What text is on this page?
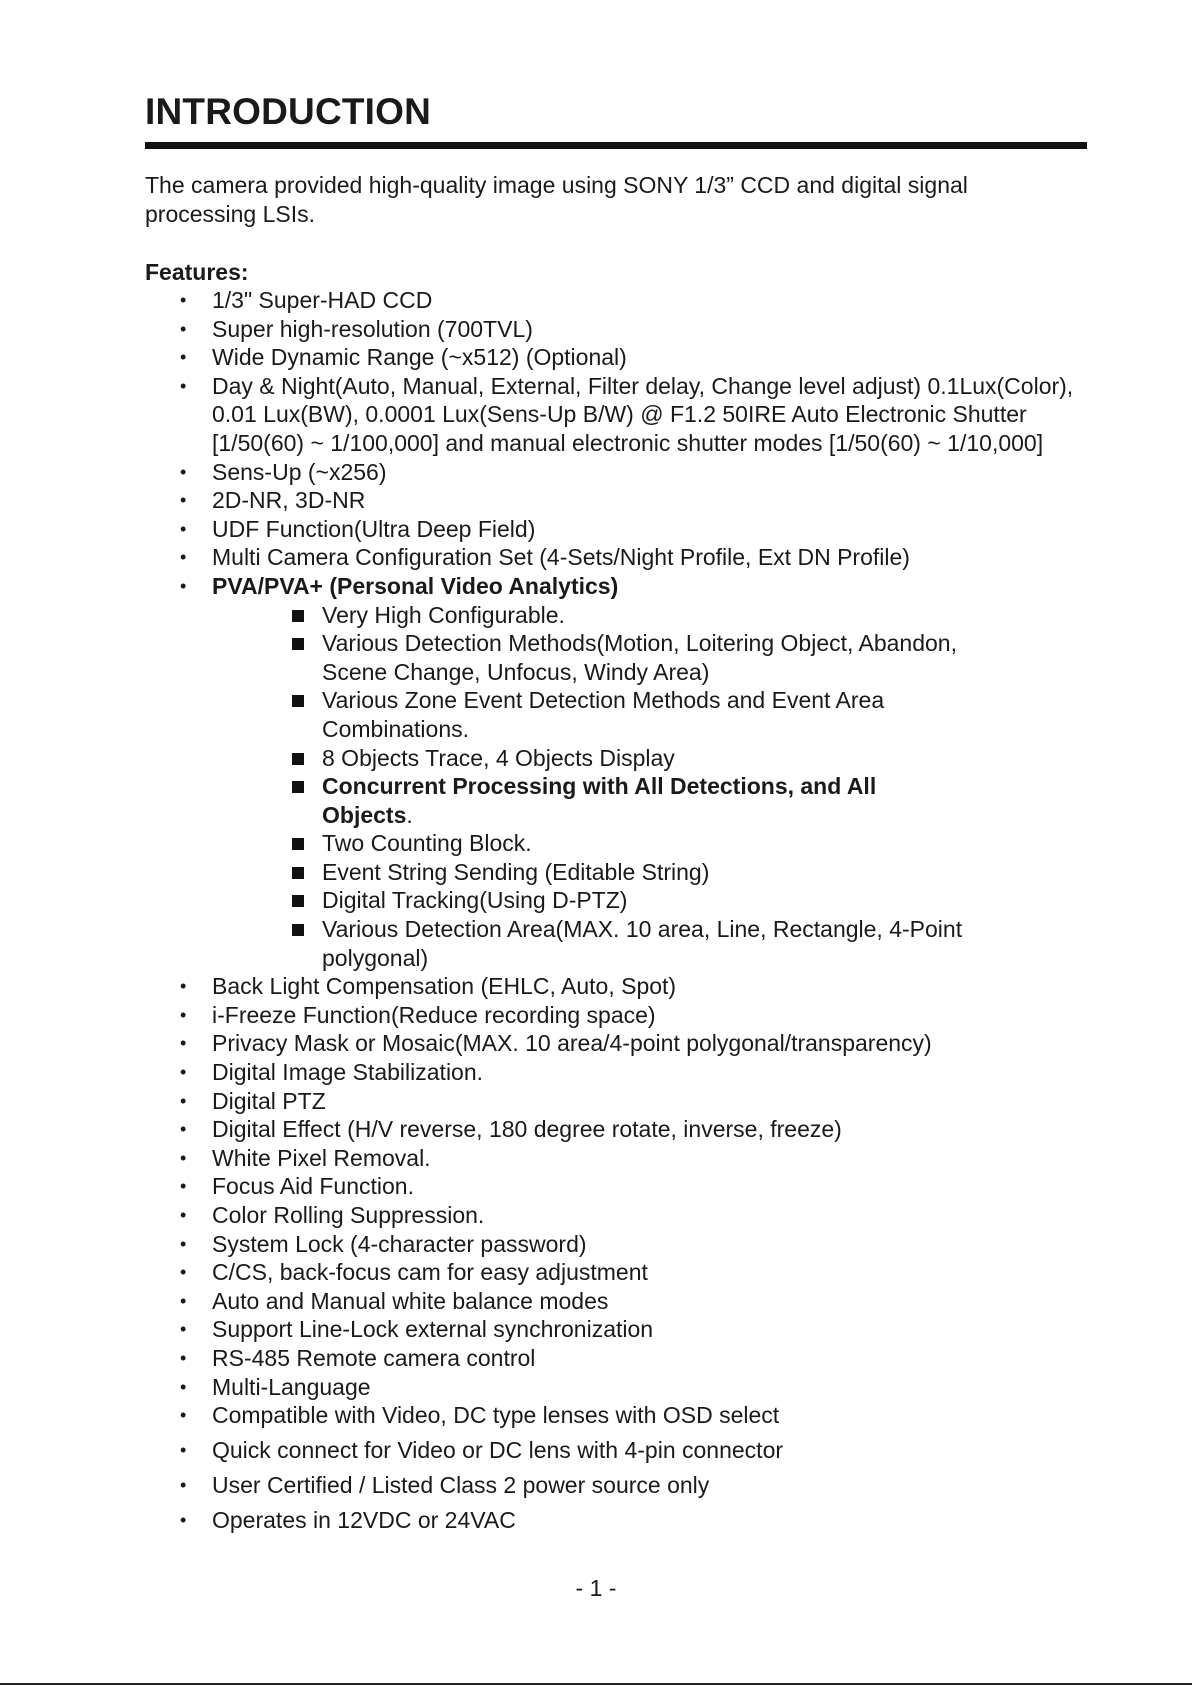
INTRODUCTION

The camera provided high-quality image using SONY 1/3” CCD and digital signal processing LSIs.

Features:

• 1/3" Super-HAD CCD
• Super high-resolution (700TVL)
• Wide Dynamic Range (~x512) (Optional)
• Day & Night(Auto, Manual, External, Filter delay, Change level adjust) 0.1Lux(Color), 0.01 Lux(BW), 0.0001 Lux(Sens-Up B/W) @ F1.2 50IRE Auto Electronic Shutter [1/50(60) ~ 1/100,000] and manual electronic shutter modes [1/50(60) ~ 1/10,000]
• Sens-Up (~x256)
• 2D-NR, 3D-NR
• UDF Function(Ultra Deep Field)
• Multi Camera Configuration Set (4-Sets/Night Profile, Ext DN Profile)
• PVA/PVA+ (Personal Video Analytics)
Very High Configurable.
Various Detection Methods(Motion, Loitering Object, Abandon, Scene Change, Unfocus, Windy Area)
Various Zone Event Detection Methods and Event Area Combinations.
8 Objects Trace, 4 Objects Display
Concurrent Processing with All Detections, and All Objects.
Two Counting Block.
Event String Sending (Editable String)
Digital Tracking(Using D-PTZ)
Various Detection Area(MAX. 10 area, Line, Rectangle, 4-Point polygonal)
• Back Light Compensation (EHLC, Auto, Spot)
• i-Freeze Function(Reduce recording space)
• Privacy Mask or Mosaic(MAX. 10 area/4-point polygonal/transparency)
• Digital Image Stabilization.
• Digital PTZ
• Digital Effect (H/V reverse, 180 degree rotate, inverse, freeze)
• White Pixel Removal.
• Focus Aid Function.
• Color Rolling Suppression.
• System Lock (4-character password)
• C/CS, back-focus cam for easy adjustment
• Auto and Manual white balance modes
• Support Line-Lock external synchronization
• RS-485 Remote camera control
• Multi-Language
• Compatible with Video, DC type lenses with OSD select
• Quick connect for Video or DC lens with 4-pin connector
• User Certified / Listed Class 2 power source only
• Operates in 12VDC or 24VAC
- 1 -
